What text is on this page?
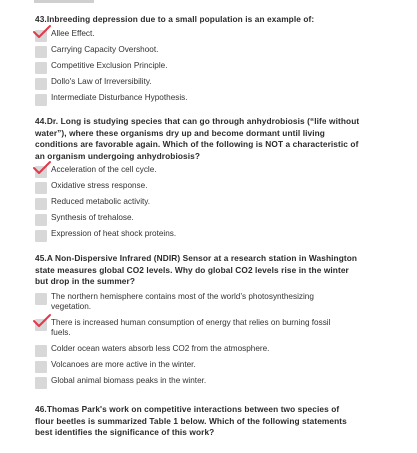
43.Inbreeding depression due to a small population is an example of:

Allee Effect.
Carrying Capacity Overshoot.
Competitive Exclusion Principle.
Dollo's Law of Irreversibility.
Intermediate Disturbance Hypothesis.

44.Dr. Long is studying species that can go through anhydrobiosis (“life without water”), where these organisms dry up and become dormant until living conditions are favorable again. Which of the following is NOT a characteristic of an organism undergoing anhydrobiosis?

Acceleration of the cell cycle.
Oxidative stress response.
Reduced metabolic activity.
Synthesis of trehalose.
Expression of heat shock proteins.

45.A Non-Dispersive Infrared (NDIR) Sensor at a research station in Washington state measures global CO2 levels. Why do global CO2 levels rise in the winter but drop in the summer?

The northern hemisphere contains most of the world’s photosynthesizing vegetation.
There is increased human consumption of energy that relies on burning fossil fuels.
Colder ocean waters absorb less CO2 from the atmosphere.
Volcanoes are more active in the winter.
Global animal biomass peaks in the winter.

46.Thomas Park's work on competitive interactions between two species of flour beetles is summarized Table 1 below. Which of the following statements best identifies the significance of this work?
